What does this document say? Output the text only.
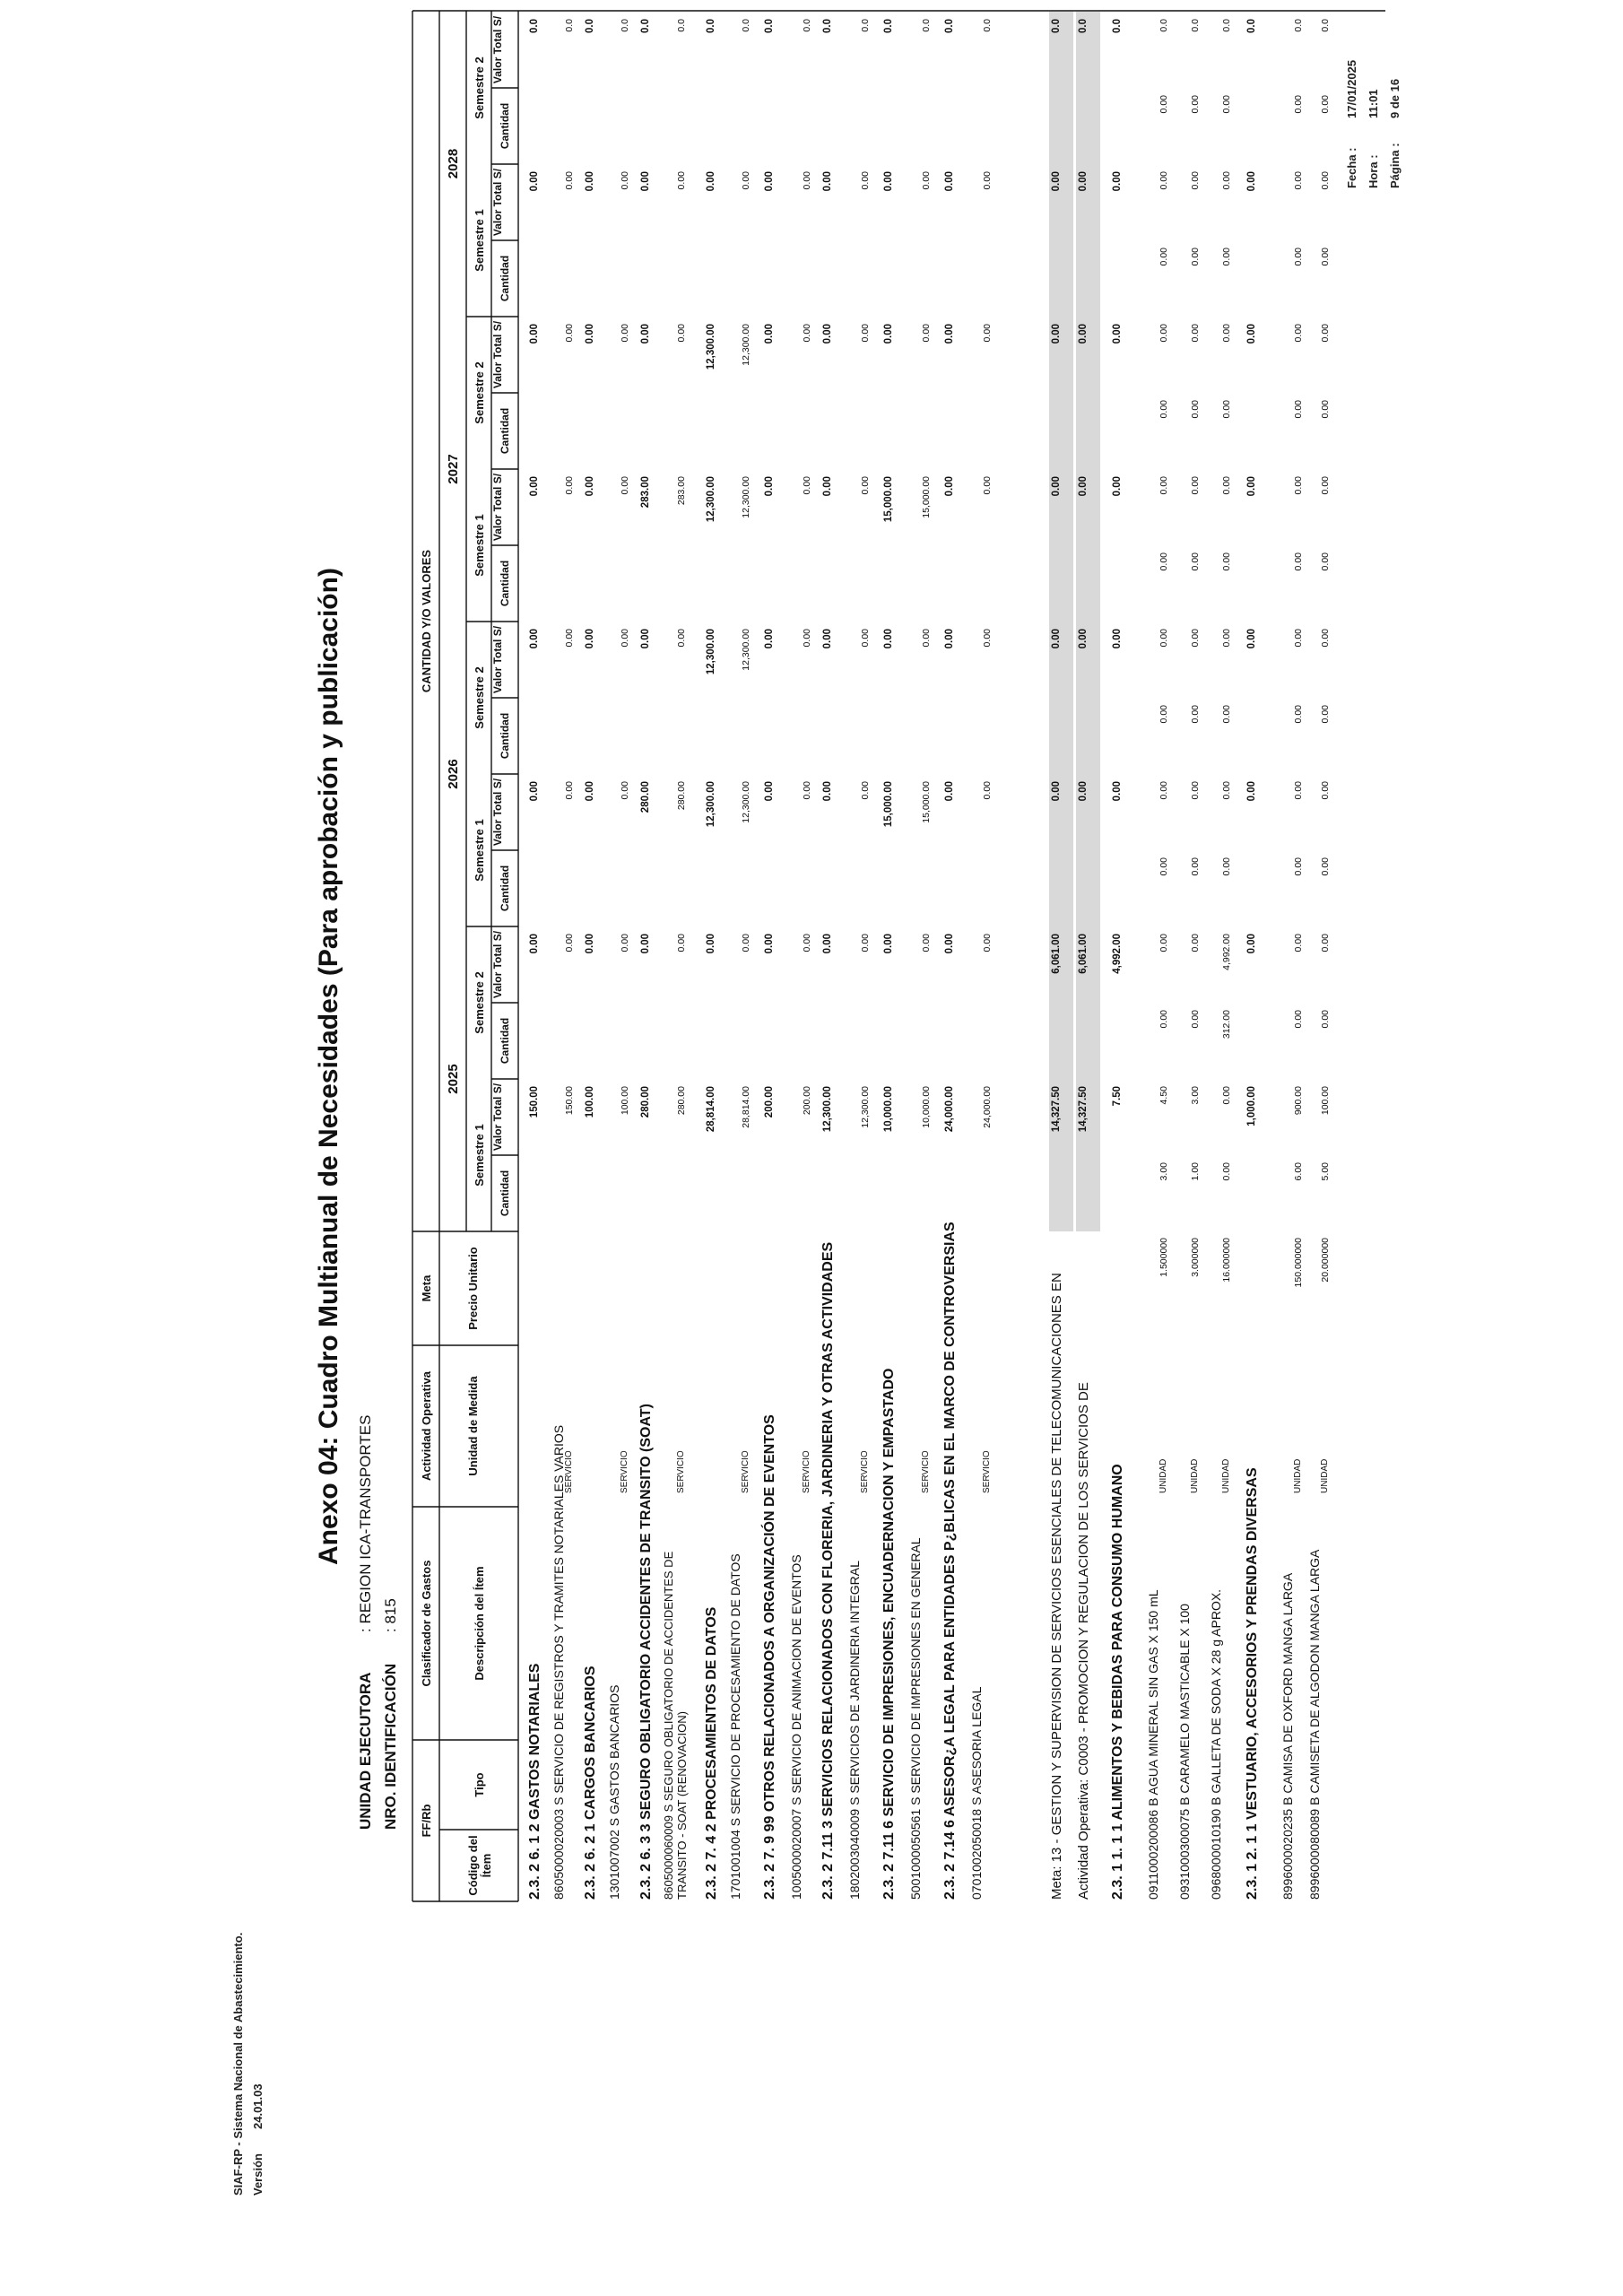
SIAF-RP - Sistema Nacional de Abastecimiento. Versión
24.01.03
Fecha :
17/01/2025
Hora :
11:01
Página :
9 de 16
Anexo 04: Cuadro Multianual de Necesidades (Para aprobación y publicación)
UNIDAD EJECUTORA
: REGION ICA-TRANSPORTES
NRO. IDENTIFICACIÓN
: 815
FF/Rb
Clasificador de Gastos
Actividad Operativa
Meta
CANTIDAD Y/O VALORES
Código del Ítem
Tipo
Descripción del Ítem
Unidad de Medida
Precio Unitario
2025
2026
2027
2028
Semestre 1
Semestre 2
Semestre 1
Semestre 2
Semestre 1
Semestre 2
Semestre 1
Semestre 2
Cantidad
Valor Total S/
Cantidad
Valor Total S/
Cantidad
Valor Total S/
Cantidad
Valor Total S/
Cantidad
Valor Total S/
Cantidad
Valor Total S/
Cantidad
Valor Total S/
Cantidad
Valor Total S/
2.3. 2 6. 1 2 GASTOS NOTARIALES
150.00
0.00
0.00
0.00
0.00
0.00
0.00
0.0
8605000020003 S SERVICIO DE REGISTROS Y TRAMITES NOTARIALES VARIOS
SERVICIO
150.00
0.00
0.00
0.00
0.00
0.00
0.00
0.0
2.3. 2 6. 2 1 CARGOS BANCARIOS
100.00
0.00
0.00
0.00
0.00
0.00
0.00
0.0
1301007002 S GASTOS BANCARIOS
SERVICIO
100.00
0.00
0.00
0.00
0.00
0.00
0.00
0.0
2.3. 2 6. 3 3 SEGURO OBLIGATORIO ACCIDENTES DE TRANSITO (SOAT)
280.00
0.00
280.00
0.00
283.00
0.00
0.00
0.0
8605000060009 S SEGURO OBLIGATORIO DE ACCIDENTES DE TRANSITO - SOAT (RENOVACION)
SERVICIO
280.00
0.00
280.00
0.00
283.00
0.00
0.00
0.0
2.3. 2 7. 4 2 PROCESAMIENTOS DE DATOS
28,814.00
0.00
12,300.00
12,300.00
12,300.00
12,300.00
0.00
0.0
1701001004 S SERVICIO DE PROCESAMIENTO DE DATOS
SERVICIO
28,814.00
0.00
12,300.00
12,300.00
12,300.00
12,300.00
0.00
0.0
2.3. 2 7. 9 99 OTROS RELACIONADOS A ORGANIZACIÓN DE EVENTOS
200.00
0.00
0.00
0.00
0.00
0.00
0.00
0.0
1005000020007 S SERVICIO DE ANIMACION DE EVENTOS
SERVICIO
200.00
0.00
0.00
0.00
0.00
0.00
0.00
0.0
2.3. 2 7.11 3 SERVICIOS RELACIONADOS CON FLORERIA, JARDINERIA Y OTRAS ACTIVIDADES
12,300.00
0.00
0.00
0.00
0.00
0.00
0.00
0.0
1802003040009 S SERVICIOS DE JARDINERIA INTEGRAL
SERVICIO
12,300.00
0.00
0.00
0.00
0.00
0.00
0.00
0.0
2.3. 2 7.11 6 SERVICIO DE IMPRESIONES, ENCUADERNACION Y EMPASTADO
10,000.00
0.00
15,000.00
0.00
15,000.00
0.00
0.00
0.0
5001000050561 S SERVICIO DE IMPRESIONES EN GENERAL
SERVICIO
10,000.00
0.00
15,000.00
0.00
15,000.00
0.00
0.00
0.0
2.3. 2 7.14 6 ASESOR¿A LEGAL PARA ENTIDADES P¿BLICAS EN EL MARCO DE CONTROVERSIAS
24,000.00
0.00
0.00
0.00
0.00
0.00
0.00
0.0
0701002050018 S ASESORIA LEGAL
SERVICIO
24,000.00
0.00
0.00
0.00
0.00
0.00
0.00
0.0
Meta: 13 - GESTION Y SUPERVISION DE SERVICIOS ESENCIALES DE TELECOMUNICACIONES EN
14,327.50
6,061.00
0.00
0.00
0.00
0.00
0.00
0.0
Actividad Operativa: C0003 - PROMOCION Y REGULACION DE LOS SERVICIOS DE
14,327.50
6,061.00
0.00
0.00
0.00
0.00
0.00
0.0
2.3. 1 1. 1 1 ALIMENTOS Y BEBIDAS PARA CONSUMO HUMANO
7.50
4,992.00
0.00
0.00
0.00
0.00
0.00
0.0
0911000200086 B AGUA MINERAL SIN GAS X 150 mL
UNIDAD
1.500000
3.00
4.50
0.00
0.00
0.00
0.00
0.00
0.00
0.00
0.00
0.00
0.00
0.00
0.00
0.00
0.0
0931000300075 B CARAMELO MASTICABLE X 100
UNIDAD
3.000000
1.00
3.00
0.00
0.00
0.00
0.00
0.00
0.00
0.00
0.00
0.00
0.00
0.00
0.00
0.00
0.0
0968000010190 B GALLETA DE SODA X 28 g APROX.
UNIDAD
16.000000
0.00
0.00
312.00
4,992.00
0.00
0.00
0.00
0.00
0.00
0.00
0.00
0.00
0.00
0.00
0.00
0.0
2.3. 1 2. 1 1 VESTUARIO, ACCESORIOS Y PRENDAS DIVERSAS
1,000.00
0.00
0.00
0.00
0.00
0.00
0.00
0.0
8996000020235 B CAMISA DE OXFORD MANGA LARGA
UNIDAD
150.000000
6.00
900.00
0.00
0.00
0.00
0.00
0.00
0.00
0.00
0.00
0.00
0.00
0.00
0.00
0.00
0.0
8996000080089 B CAMISETA DE ALGODON MANGA LARGA
UNIDAD
20.000000
5.00
100.00
0.00
0.00
0.00
0.00
0.00
0.00
0.00
0.00
0.00
0.00
0.00
0.00
0.00
0.0
